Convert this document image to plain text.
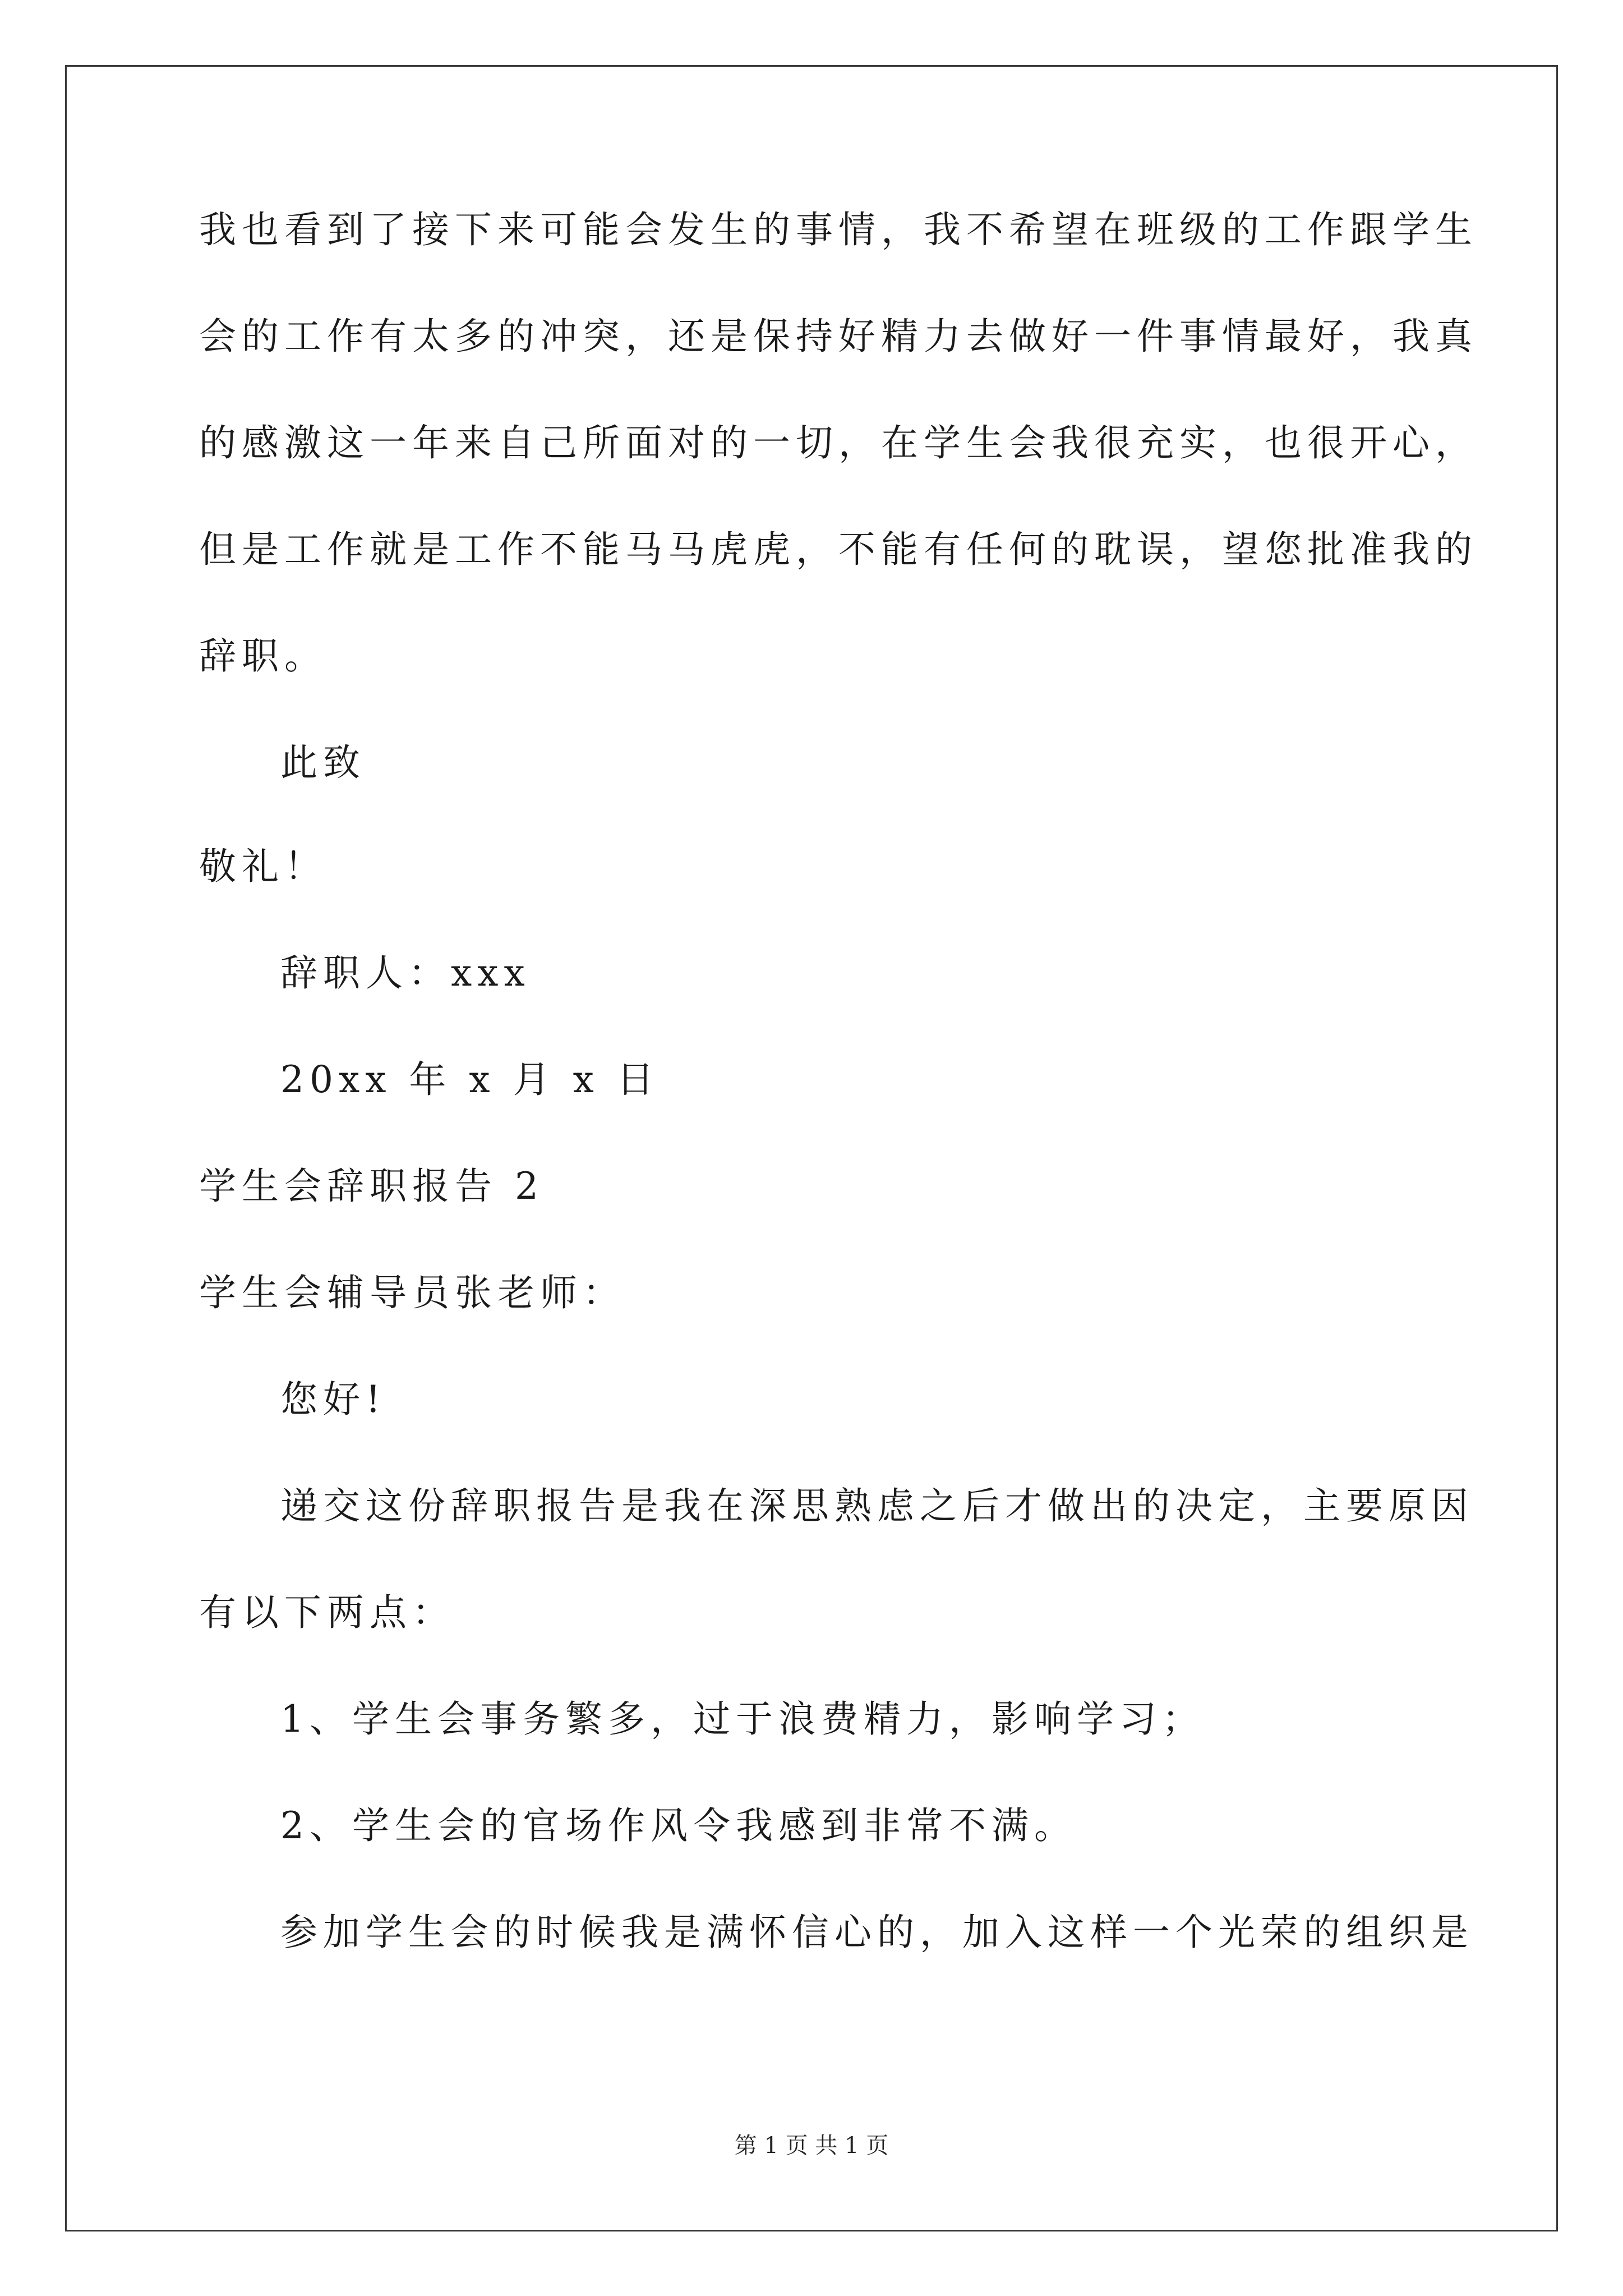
我也看到了接下来可能会发生的事情，我不希望在班级的工作跟学生
会的工作有太多的冲突，还是保持好精力去做好一件事情最好，我真
的感激这一年来自己所面对的一切，在学生会我很充实，也很开心，
但是工作就是工作不能马马虎虎，不能有任何的耽误，望您批准我的
辞职。
此致
敬礼！
辞职人：xxx
20xx 年 x 月 x 日
学生会辞职报告 2
学生会辅导员张老师：
您好!
递交这份辞职报告是我在深思熟虑之后才做出的决定，主要原因
有以下两点：
1、学生会事务繁多，过于浪费精力，影响学习；
2、学生会的官场作风令我感到非常不满。
参加学生会的时候我是满怀信心的，加入这样一个光荣的组织是
第 1 页 共 1 页
